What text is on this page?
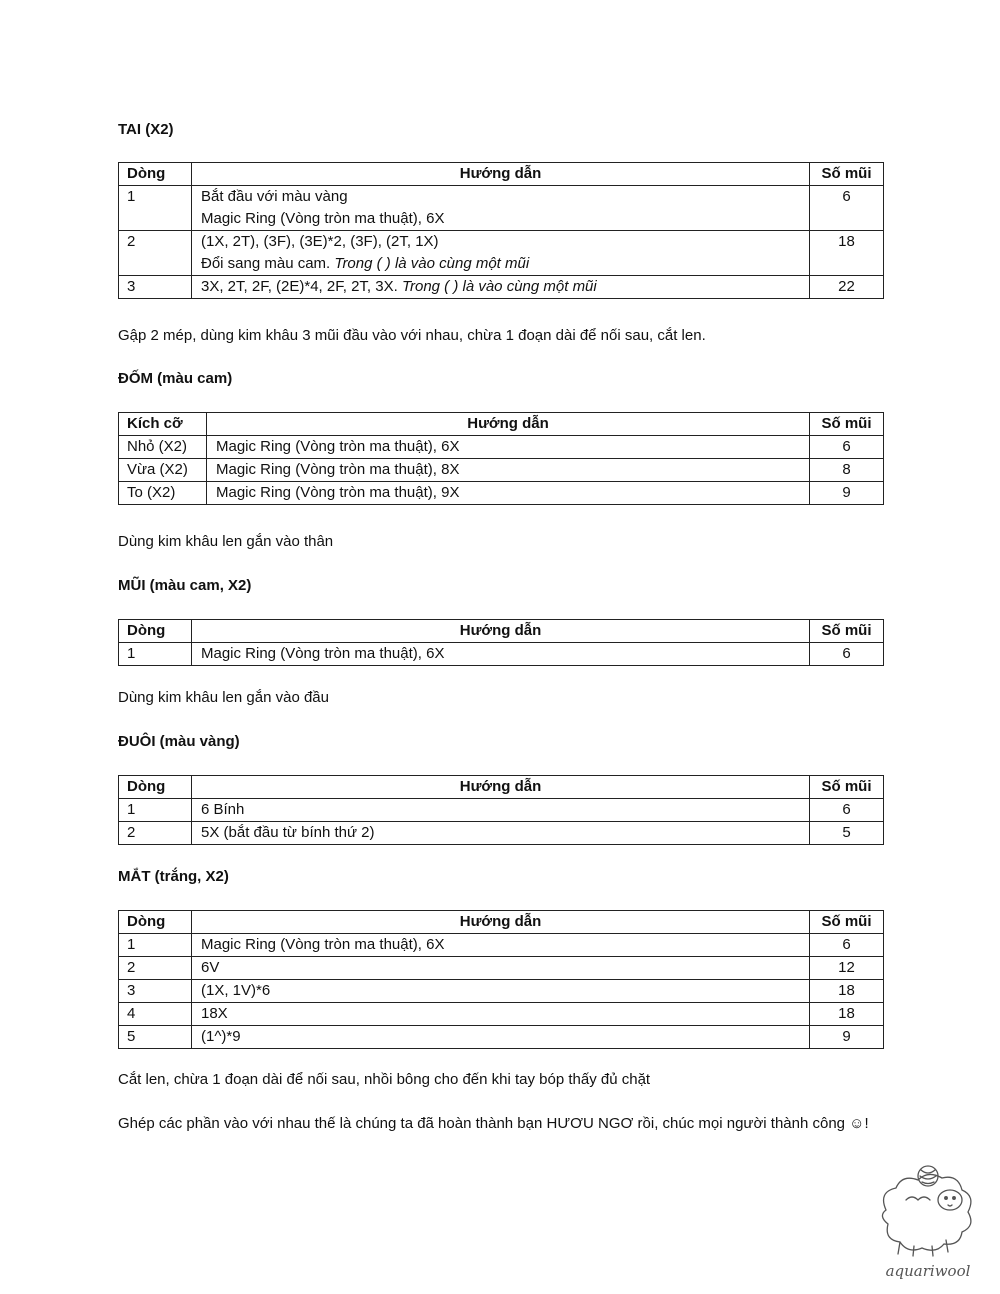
TAI (X2)
Dòng	Hướng dẫn	Số mũi
1	Bắt đầu với màu vàng
Magic Ring (Vòng tròn ma thuật), 6X	6
2	(1X, 2T), (3F), (3E)*2, (3F), (2T, 1X)
Đổi sang màu cam. Trong ( ) là vào cùng một mũi	18
3	3X, 2T, 2F, (2E)*4, 2F, 2T, 3X. Trong ( ) là vào cùng một mũi	22

Gập 2 mép, dùng kim khâu 3 mũi đầu vào với nhau, chừa 1 đoạn dài để nối sau, cắt len.

ĐỐM (màu cam)
Kích cỡ	Hướng dẫn	Số mũi
Nhỏ (X2)	Magic Ring (Vòng tròn ma thuật), 6X	6
Vừa (X2)	Magic Ring (Vòng tròn ma thuật), 8X	8
To (X2)	Magic Ring (Vòng tròn ma thuật), 9X	9

Dùng kim khâu len gắn vào thân

MŨI (màu cam, X2)
Dòng	Hướng dẫn	Số mũi
1	Magic Ring (Vòng tròn ma thuật), 6X	6

Dùng kim khâu len gắn vào đầu

ĐUÔI (màu vàng)
Dòng	Hướng dẫn	Số mũi
1	6 Bính	6
2	5X (bắt đầu từ bính thứ 2)	5
MẮT (trắng, X2)
Dòng	Hướng dẫn	Số mũi
1	Magic Ring (Vòng tròn ma thuật), 6X	6
2	6V	12
3	(1X, 1V)*6	18
4	18X	18
5	(1^)*9	9

Cắt len, chừa 1 đoạn dài để nối sau, nhồi bông cho đến khi tay bóp thấy đủ chặt

Ghép các phần vào với nhau thế là chúng ta đã hoàn thành bạn HƯƠU NGƠ rồi, chúc mọi người thành công ☺!

aquariwool
